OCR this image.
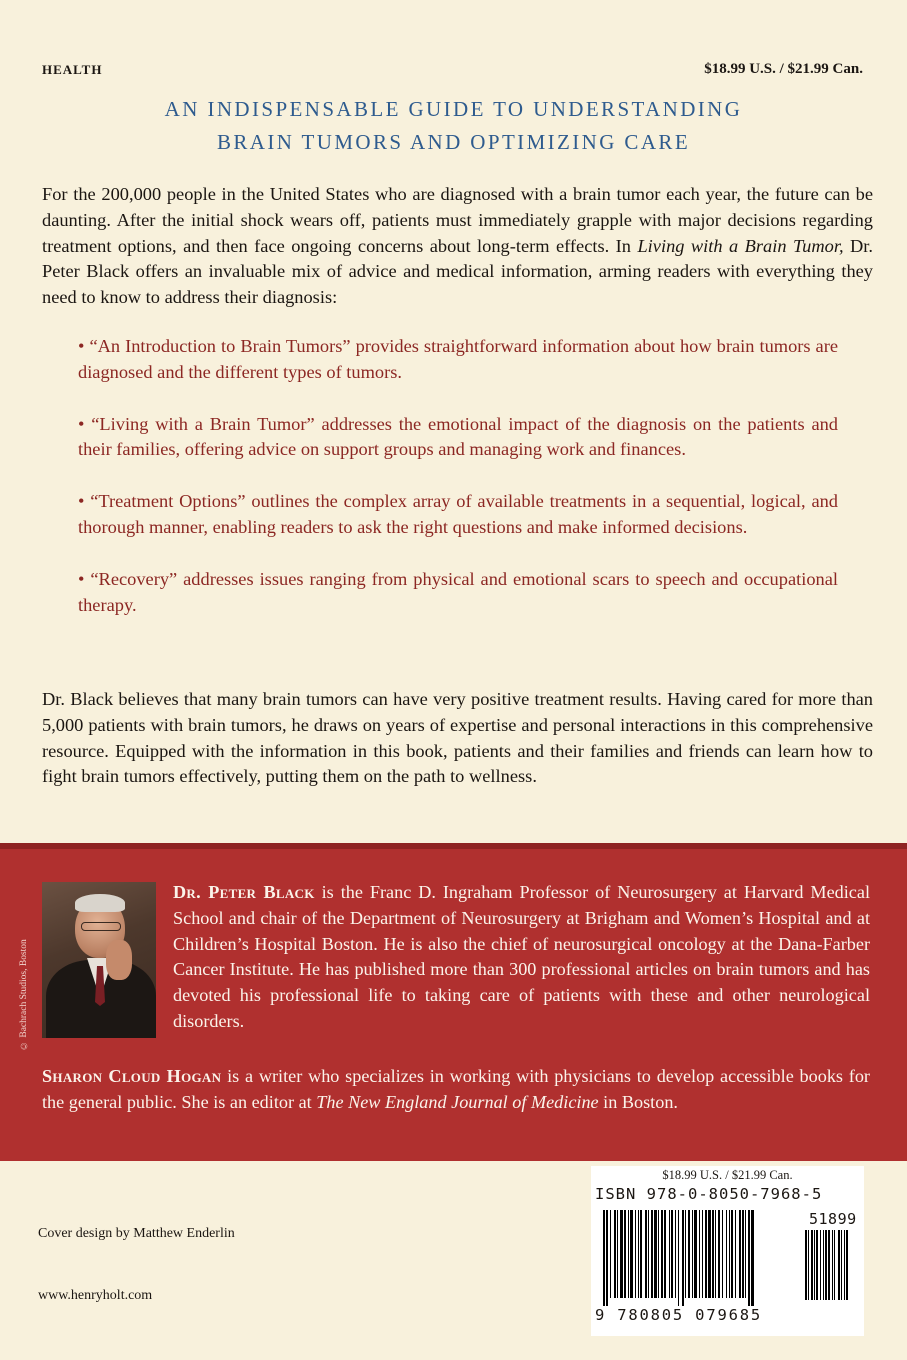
HEALTH	$18.99 U.S. / $21.99 Can.
AN INDISPENSABLE GUIDE TO UNDERSTANDING
BRAIN TUMORS AND OPTIMIZING CARE
For the 200,000 people in the United States who are diagnosed with a brain tumor each year, the future can be daunting. After the initial shock wears off, patients must immediately grapple with major decisions regarding treatment options, and then face ongoing concerns about long-term effects. In Living with a Brain Tumor, Dr. Peter Black offers an invaluable mix of advice and medical information, arming readers with everything they need to know to address their diagnosis:

• “An Introduction to Brain Tumors” provides straightforward information about how brain tumors are diagnosed and the different types of tumors.

• “Living with a Brain Tumor” addresses the emotional impact of the diagnosis on the patients and their families, offering advice on support groups and managing work and finances.

• “Treatment Options” outlines the complex array of available treatments in a sequential, logical, and thorough manner, enabling readers to ask the right questions and make informed decisions.

• “Recovery” addresses issues ranging from physical and emotional scars to speech and occupational therapy.

Dr. Black believes that many brain tumors can have very positive treatment results. Having cared for more than 5,000 patients with brain tumors, he draws on years of expertise and personal interactions in this comprehensive resource. Equipped with the information in this book, patients and their families and friends can learn how to fight brain tumors effectively, putting them on the path to wellness.
© Bachrach Studios, Boston
Dr. Peter Black is the Franc D. Ingraham Professor of Neurosurgery at Harvard Medical School and chair of the Department of Neurosurgery at Brigham and Women’s Hospital and at Children’s Hospital Boston. He is also the chief of neurosurgical oncology at the Dana-Farber Cancer Institute. He has published more than 300 professional articles on brain tumors and has devoted his professional life to taking care of patients with these and other neurological disorders.
Sharon Cloud Hogan is a writer who specializes in working with physicians to develop accessible books for the general public. She is an editor at The New England Journal of Medicine in Boston.
Cover design by Matthew Enderlin
www.henryholt.com
$18.99 U.S. / $21.99 Can.
ISBN 978-0-8050-7968-5
51899
9 780805 079685
